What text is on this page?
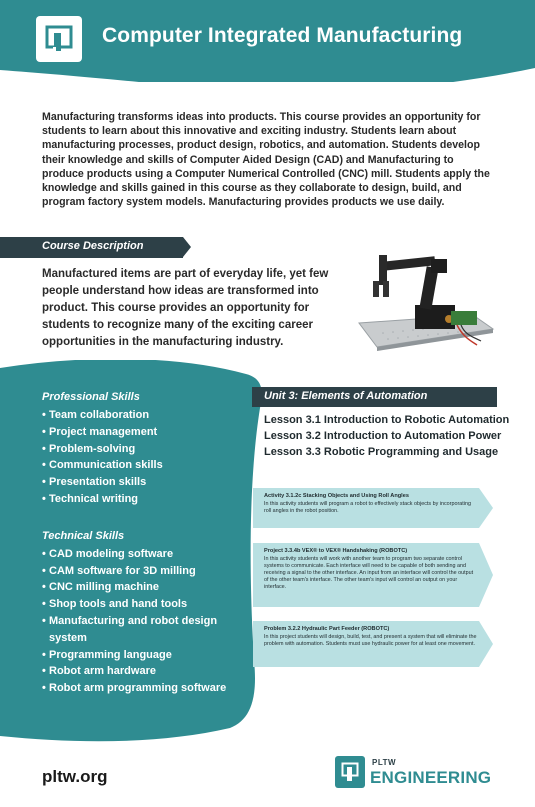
Computer Integrated Manufacturing

Manufacturing transforms ideas into products. This course provides an opportunity for students to learn about this innovative and exciting industry. Students learn about manufacturing processes, product design, robotics, and automation. Students develop their knowledge and skills of Computer Aided Design (CAD) and Manufacturing to produce products using a Computer Numerical Controlled (CNC) mill. Students apply the knowledge and skills gained in this course as they collaborate to design, build, and program factory system models. Manufacturing provides products we use daily.

Course Description

Manufactured items are part of everyday life, yet few people understand how ideas are transformed into product. This course provides an opportunity for students to recognize many of the exciting career opportunities in the manufacturing industry.

Professional Skills
• Team collaboration
• Project management
• Problem-solving
• Communication skills
• Presentation skills
• Technical writing
Technical Skills
• CAD modeling software
• CAM software for 3D milling
• CNC milling machine
• Shop tools and hand tools
• Manufacturing and robot design system
• Programming language
• Robot arm hardware
• Robot arm programming software
Unit 3: Elements of Automation
Lesson 3.1 Introduction to Robotic Automation
Lesson 3.2 Introduction to Automation Power
Lesson 3.3 Robotic Programming and Usage
Activity 3.1.2c Stacking Objects and Using Roll Angles
In this activity students will program a robot to effectively stack objects by incorporating roll angles in the robot position.
Project 3.3.4b VEX® to VEX® Handshaking (ROBOTC)
In this activity students will work with another team to program two separate control systems to communicate. Each interface will need to be capable of both sending and receiving a signal to the other interface. An input from an interface will control the output of the other team's interface. The other team's input will control an output on your interface.
Problem 3.2.2 Hydraulic Part Feeder (ROBOTC)
In this project students will design, build, test, and present a system that will eliminate the problem with automation. Students must use hydraulic power for at least one movement.
pltw.org
PLTW
ENGINEERING
